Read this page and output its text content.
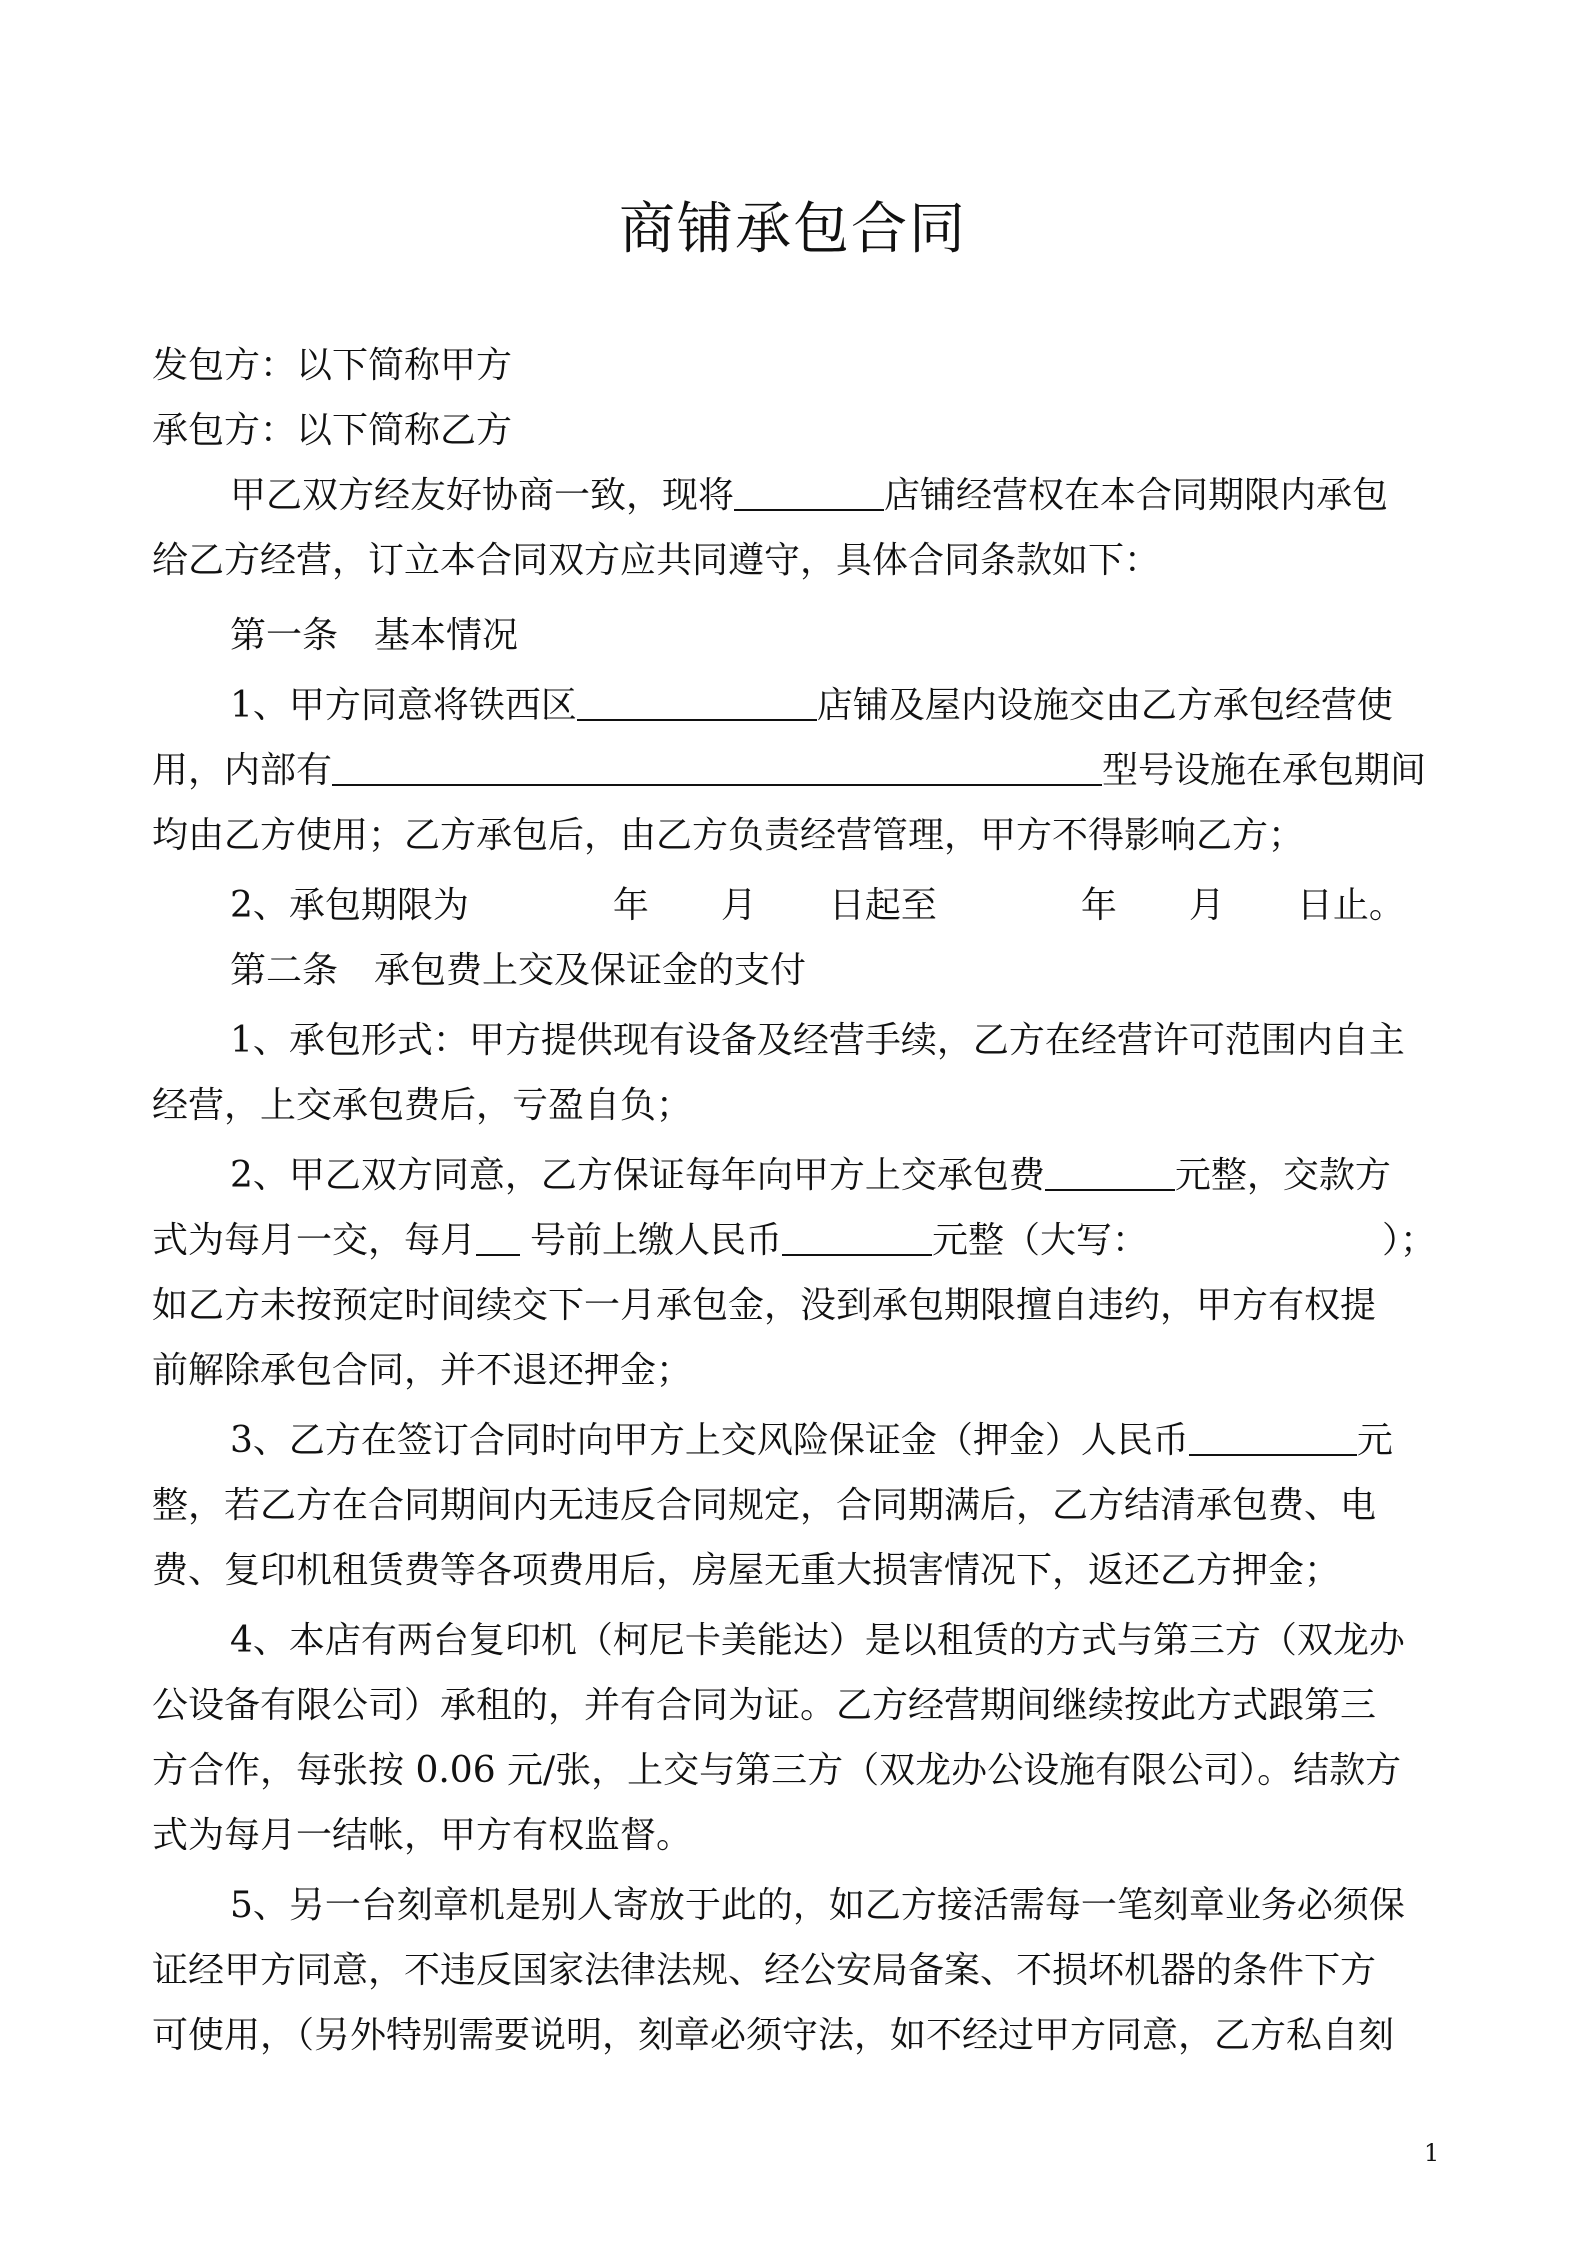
商铺承包合同
发包方：以下简称甲方
承包方：以下简称乙方
甲乙双方经友好协商一致，现将	店铺经营权在本合同期限内承包
给乙方经营，订立本合同双方应共同遵守，具体合同条款如下：
第一条　基本情况
1、甲方同意将铁西区	店铺及屋内设施交由乙方承包经营使
用，内部有	型号设施在承包期间
均由乙方使用；乙方承包后，由乙方负责经营管理，甲方不得影响乙方；
2、承包期限为　　　　年　　月　　日起至　　　　年　　月　　日止。
第二条　承包费上交及保证金的支付
1、承包形式：甲方提供现有设备及经营手续，乙方在经营许可范围内自主
经营，上交承包费后，亏盈自负；
2、甲乙双方同意，乙方保证每年向甲方上交承包费	元整，交款方
式为每月一交，每月 号前上缴人民币	元整（大写：　　　　　　　）；
如乙方未按预定时间续交下一月承包金，没到承包期限擅自违约，甲方有权提
前解除承包合同，并不退还押金；
3、乙方在签订合同时向甲方上交风险保证金（押金）人民币	元
整，若乙方在合同期间内无违反合同规定，合同期满后，乙方结清承包费、电
费、复印机租赁费等各项费用后，房屋无重大损害情况下，返还乙方押金；
4、本店有两台复印机（柯尼卡美能达）是以租赁的方式与第三方（双龙办
公设备有限公司）承租的，并有合同为证。乙方经营期间继续按此方式跟第三
方合作，每张按 0.06 元/张，上交与第三方（双龙办公设施有限公司）。结款方
式为每月一结帐，甲方有权监督。
5、另一台刻章机是别人寄放于此的，如乙方接活需每一笔刻章业务必须保
证经甲方同意，不违反国家法律法规、经公安局备案、不损坏机器的条件下方
可使用，（另外特别需要说明，刻章必须守法，如不经过甲方同意，乙方私自刻
1
